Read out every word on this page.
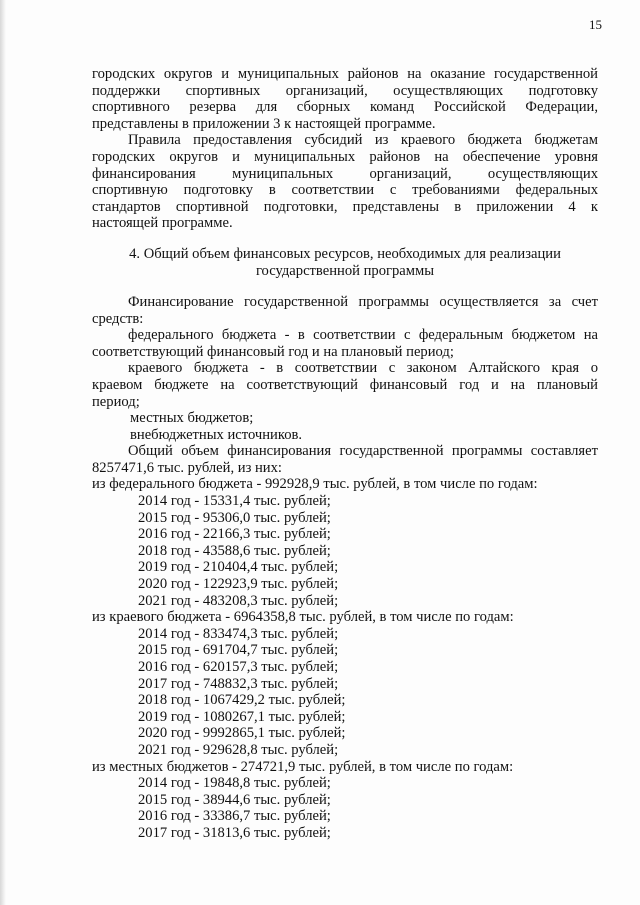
15

городских округов и муниципальных районов на оказание государственной

поддержки спортивных организаций, осуществляющих подготовку

спортивного резерва для сборных команд Российской Федерации,

представлены в приложении 3 к настоящей программе.

Правила предоставления субсидий из краевого бюджета бюджетам

городских округов и муниципальных районов на обеспечение уровня

финансирования муниципальных организаций, осуществляющих

спортивную подготовку в соответствии с требованиями федеральных

стандартов спортивной подготовки, представлены в приложении 4 к

настоящей программе.

4. Общий объем финансовых ресурсов, необходимых для реализации
государственной программы

Финансирование государственной программы осуществляется за счет

средств:

федерального бюджета - в соответствии с федеральным бюджетом на

соответствующий финансовый год и на плановый период;

краевого бюджета - в соответствии с законом Алтайского края о

краевом бюджете на соответствующий финансовый год и на плановый

период;

местных бюджетов;

внебюджетных источников.

Общий объем финансирования государственной программы составляет

8257471,6 тыс. рублей, из них:

из федерального бюджета - 992928,9 тыс. рублей, в том числе по годам:

2014 год - 15331,4 тыс. рублей;

2015 год - 95306,0 тыс. рублей;

2016 год - 22166,3 тыс. рублей;

2018 год - 43588,6 тыс. рублей;

2019 год - 210404,4 тыс. рублей;

2020 год - 122923,9 тыс. рублей;

2021 год - 483208,3 тыс. рублей;

из краевого бюджета - 6964358,8 тыс. рублей, в том числе по годам:

2014 год - 833474,3 тыс. рублей;

2015 год - 691704,7 тыс. рублей;

2016 год - 620157,3 тыс. рублей;

2017 год - 748832,3 тыс. рублей;

2018 год - 1067429,2 тыс. рублей;

2019 год - 1080267,1 тыс. рублей;

2020 год - 9992865,1 тыс. рублей;

2021 год - 929628,8 тыс. рублей;

из местных бюджетов - 274721,9 тыс. рублей, в том числе по годам:

2014 год - 19848,8 тыс. рублей;

2015 год - 38944,6 тыс. рублей;

2016 год - 33386,7 тыс. рублей;

2017 год - 31813,6 тыс. рублей;
